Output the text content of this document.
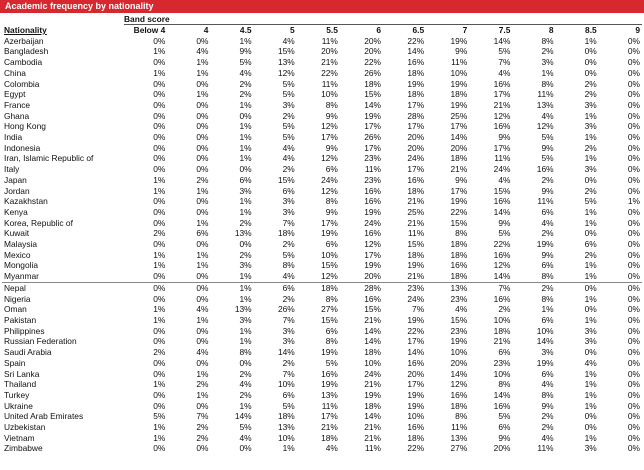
Academic frequency by nationality
Band score
Nationality	Below 4	4	4.5	5	5.5	6	6.5	7	7.5	8	8.5	9
Azerbaijan	0%	0%	1%	4%	11%	20%	22%	19%	14%	8%	1%	0%
Bangladesh	1%	4%	9%	15%	20%	20%	14%	9%	5%	2%	0%	0%
Cambodia	0%	1%	5%	13%	21%	22%	16%	11%	7%	3%	0%	0%
China	1%	1%	4%	12%	22%	26%	18%	10%	4%	1%	0%	0%
Colombia	0%	0%	2%	5%	11%	18%	19%	19%	16%	8%	2%	0%
Egypt	0%	1%	2%	5%	10%	15%	18%	18%	17%	11%	2%	0%
France	0%	0%	1%	3%	8%	14%	17%	19%	21%	13%	3%	0%
Ghana	0%	0%	0%	2%	9%	19%	28%	25%	12%	4%	1%	0%
Hong Kong	0%	0%	1%	5%	12%	17%	17%	17%	16%	12%	3%	0%
India	0%	0%	1%	5%	17%	26%	20%	14%	9%	5%	1%	0%
Indonesia	0%	0%	1%	4%	9%	17%	20%	20%	17%	9%	2%	0%
Iran, Islamic Republic of	0%	0%	1%	4%	12%	23%	24%	18%	11%	5%	1%	0%
Italy	0%	0%	0%	2%	6%	11%	17%	21%	24%	16%	3%	0%
Japan	1%	2%	6%	15%	24%	23%	16%	9%	4%	2%	0%	0%
Jordan	1%	1%	3%	6%	12%	16%	18%	17%	15%	9%	2%	0%
Kazakhstan	0%	0%	1%	3%	8%	16%	21%	19%	16%	11%	5%	1%
Kenya	0%	0%	1%	3%	9%	19%	25%	22%	14%	6%	1%	0%
Korea, Republic of	0%	1%	2%	7%	17%	24%	21%	15%	9%	4%	1%	0%
Kuwait	2%	6%	13%	18%	19%	16%	11%	8%	5%	2%	0%	0%
Malaysia	0%	0%	0%	2%	6%	12%	15%	18%	22%	19%	6%	0%
Mexico	1%	1%	2%	5%	10%	17%	18%	18%	16%	9%	2%	0%
Mongolia	1%	1%	3%	8%	15%	19%	19%	16%	12%	6%	1%	0%
Myanmar	0%	0%	1%	4%	12%	20%	21%	18%	14%	8%	1%	0%
Nepal	0%	0%	1%	6%	18%	28%	23%	13%	7%	2%	0%	0%
Nigeria	0%	0%	1%	2%	8%	16%	24%	23%	16%	8%	1%	0%
Oman	1%	4%	13%	26%	27%	15%	7%	4%	2%	1%	0%	0%
Pakistan	1%	1%	3%	7%	15%	21%	19%	15%	10%	6%	1%	0%
Philippines	0%	0%	1%	3%	6%	14%	22%	23%	18%	10%	3%	0%
Russian Federation	0%	0%	1%	3%	8%	14%	17%	19%	21%	14%	3%	0%
Saudi Arabia	2%	4%	8%	14%	19%	18%	14%	10%	6%	3%	0%	0%
Spain	0%	0%	0%	2%	5%	10%	16%	20%	23%	19%	4%	0%
Sri Lanka	0%	1%	2%	7%	16%	24%	20%	14%	10%	6%	1%	0%
Thailand	1%	2%	4%	10%	19%	21%	17%	12%	8%	4%	1%	0%
Turkey	0%	1%	2%	6%	13%	19%	19%	16%	14%	8%	1%	0%
Ukraine	0%	0%	1%	5%	11%	18%	19%	18%	16%	9%	1%	0%
United Arab Emirates	5%	7%	14%	18%	17%	14%	10%	8%	5%	2%	0%	0%
Uzbekistan	1%	2%	5%	13%	21%	21%	16%	11%	6%	2%	0%	0%
Vietnam	1%	2%	4%	10%	18%	21%	18%	13%	9%	4%	1%	0%
Zimbabwe	0%	0%	0%	1%	4%	11%	22%	27%	20%	11%	3%	0%
